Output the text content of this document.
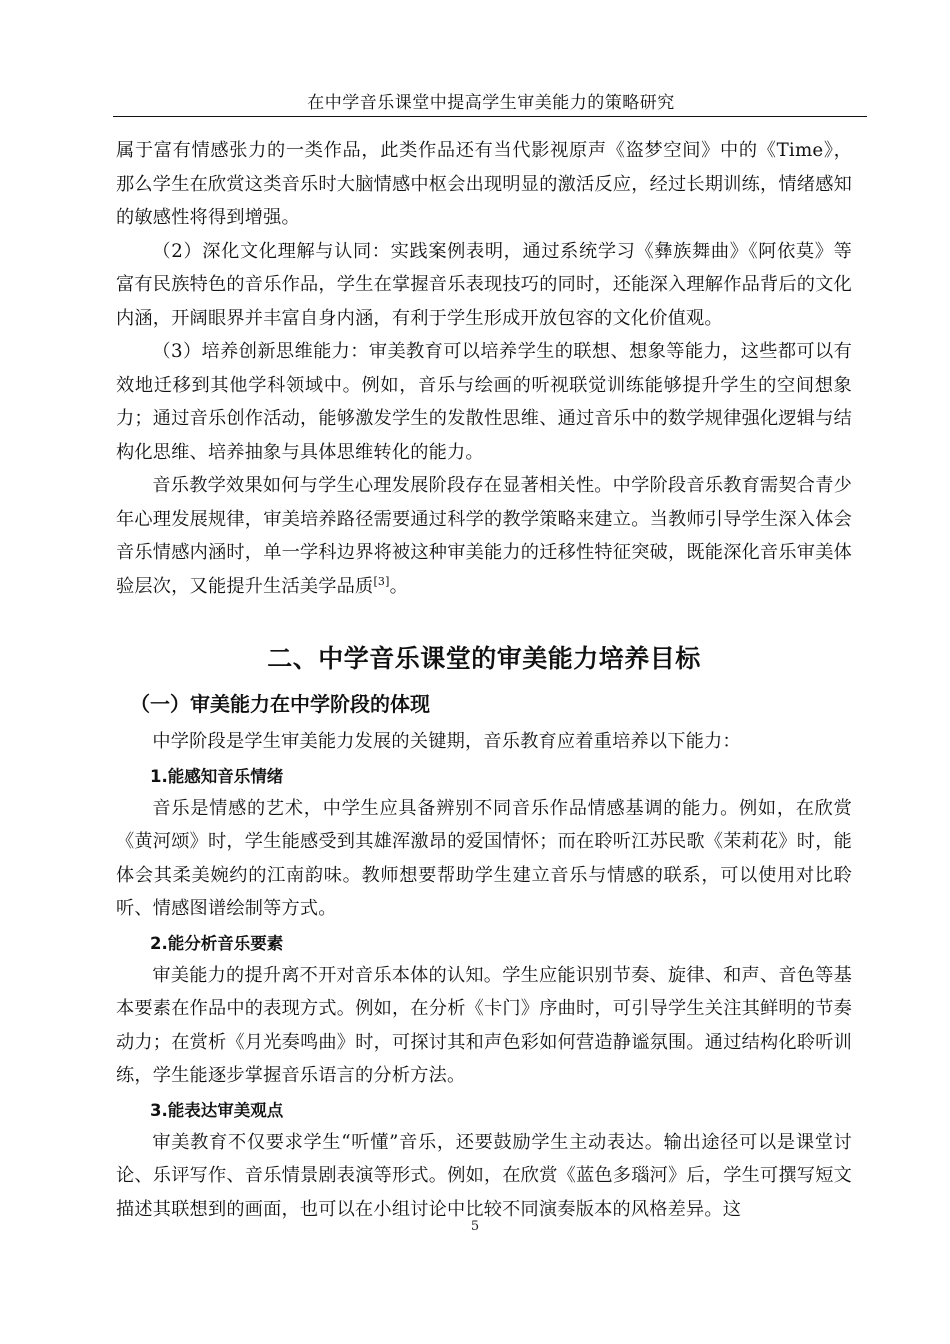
在中学音乐课堂中提高学生审美能力的策略研究

属于富有情感张力的一类作品，此类作品还有当代影视原声《盗梦空间》中的《Time》，那么学生在欣赏这类音乐时大脑情感中枢会出现明显的激活反应，经过长期训练，情绪感知的敏感性将得到增强。

（2）深化文化理解与认同：实践案例表明，通过系统学习《彝族舞曲》《阿依莫》等富有民族特色的音乐作品，学生在掌握音乐表现技巧的同时，还能深入理解作品背后的文化内涵，开阔眼界并丰富自身内涵，有利于学生形成开放包容的文化价值观。

（3）培养创新思维能力：审美教育可以培养学生的联想、想象等能力，这些都可以有效地迁移到其他学科领域中。例如，音乐与绘画的听视联觉训练能够提升学生的空间想象力；通过音乐创作活动，能够激发学生的发散性思维、通过音乐中的数学规律强化逻辑与结构化思维、培养抽象与具体思维转化的能力。

音乐教学效果如何与学生心理发展阶段存在显著相关性。中学阶段音乐教育需契合青少年心理发展规律，审美培养路径需要通过科学的教学策略来建立。当教师引导学生深入体会音乐情感内涵时，单一学科边界将被这种审美能力的迁移性特征突破，既能深化音乐审美体验层次，又能提升生活美学品质[3]。

二、中学音乐课堂的审美能力培养目标
（一）审美能力在中学阶段的体现

中学阶段是学生审美能力发展的关键期，音乐教育应着重培养以下能力：

1.能感知音乐情绪

音乐是情感的艺术，中学生应具备辨别不同音乐作品情感基调的能力。例如，在欣赏《黄河颂》时，学生能感受到其雄浑激昂的爱国情怀；而在聆听江苏民歌《茉莉花》时，能体会其柔美婉约的江南韵味。教师想要帮助学生建立音乐与情感的联系，可以使用对比聆听、情感图谱绘制等方式。

2.能分析音乐要素

审美能力的提升离不开对音乐本体的认知。学生应能识别节奏、旋律、和声、音色等基本要素在作品中的表现方式。例如，在分析《卡门》序曲时，可引导学生关注其鲜明的节奏动力；在赏析《月光奏鸣曲》时，可探讨其和声色彩如何营造静谧氛围。通过结构化聆听训练，学生能逐步掌握音乐语言的分析方法。

3.能表达审美观点

审美教育不仅要求学生“听懂”音乐，还要鼓励学生主动表达。输出途径可以是课堂讨论、乐评写作、音乐情景剧表演等形式。例如，在欣赏《蓝色多瑙河》后，学生可撰写短文描述其联想到的画面，也可以在小组讨论中比较不同演奏版本的风格差异。这

5
